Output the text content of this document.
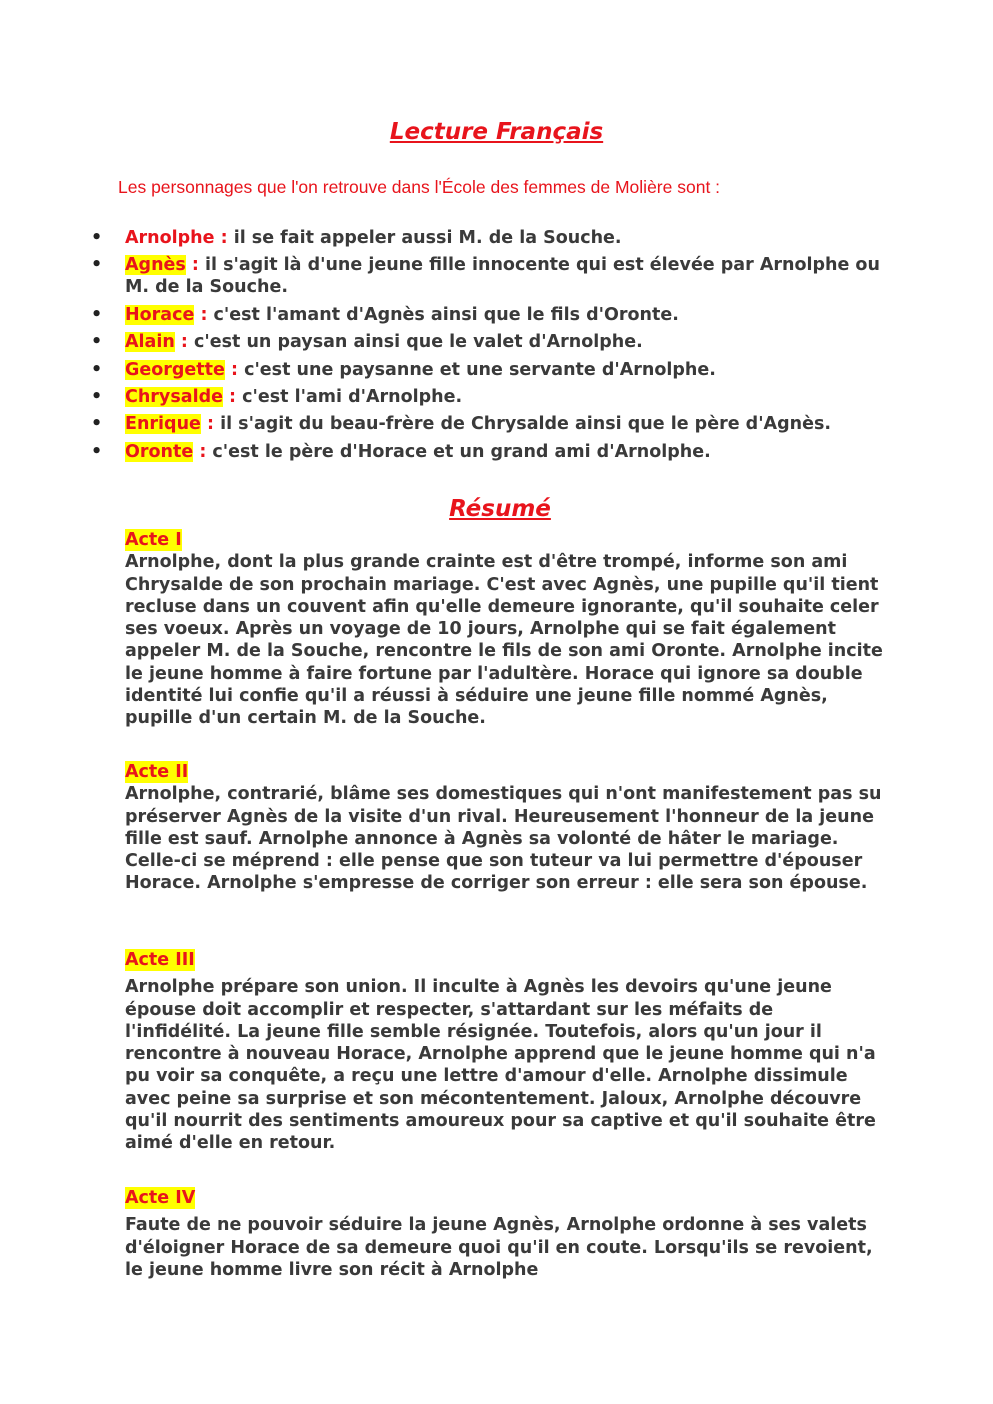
Lecture Français
Les personnages que l'on retrouve dans l'École des femmes de Molière sont :
• Arnolphe : il se fait appeler aussi M. de la Souche.
• Agnès : il s'agit là d'une jeune fille innocente qui est élevée par Arnolphe ou M. de la Souche.
• Horace : c'est l'amant d'Agnès ainsi que le fils d'Oronte.
• Alain : c'est un paysan ainsi que le valet d'Arnolphe.
• Georgette : c'est une paysanne et une servante d'Arnolphe.
• Chrysalde : c'est l'ami d'Arnolphe.
• Enrique : il s'agit du beau-frère de Chrysalde ainsi que le père d'Agnès.
• Oronte : c'est le père d'Horace et un grand ami d'Arnolphe.
Résumé
Acte I
Arnolphe, dont la plus grande crainte est d'être trompé, informe son ami Chrysalde de son prochain mariage. C'est avec Agnès, une pupille qu'il tient recluse dans un couvent afin qu'elle demeure ignorante, qu'il souhaite celer ses voeux. Après un voyage de 10 jours, Arnolphe qui se fait également appeler M. de la Souche, rencontre le fils de son ami Oronte. Arnolphe incite le jeune homme à faire fortune par l'adultère. Horace qui ignore sa double identité lui confie qu'il a réussi à séduire une jeune fille nommé Agnès, pupille d'un certain M. de la Souche.
Acte II
Arnolphe, contrarié, blâme ses domestiques qui n'ont manifestement pas su préserver Agnès de la visite d'un rival. Heureusement l'honneur de la jeune fille est sauf. Arnolphe annonce à Agnès sa volonté de hâter le mariage. Celle-ci se méprend : elle pense que son tuteur va lui permettre d'épouser Horace. Arnolphe s'empresse de corriger son erreur : elle sera son épouse.
Acte III
Arnolphe prépare son union. Il inculte à Agnès les devoirs qu'une jeune épouse doit accomplir et respecter, s'attardant sur les méfaits de l'infidélité. La jeune fille semble résignée. Toutefois, alors qu'un jour il rencontre à nouveau Horace, Arnolphe apprend que le jeune homme qui n'a pu voir sa conquête, a reçu une lettre d'amour d'elle. Arnolphe dissimule avec peine sa surprise et son mécontentement. Jaloux, Arnolphe découvre qu'il nourrit des sentiments amoureux pour sa captive et qu'il souhaite être aimé d'elle en retour.
Acte IV
Faute de ne pouvoir séduire la jeune Agnès, Arnolphe ordonne à ses valets d'éloigner Horace de sa demeure quoi qu'il en coute. Lorsqu'ils se revoient, le jeune homme livre son récit à Arnolphe
